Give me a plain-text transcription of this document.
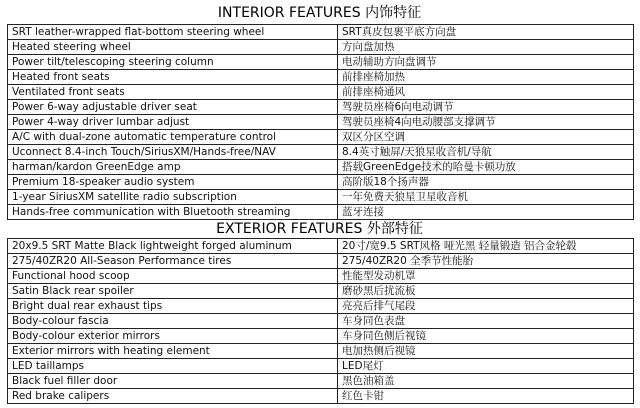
INTERIOR FEATURES 内饰特征
SRT leather-wrapped flat-bottom steering wheel	SRT真皮包裹平底方向盘
Heated steering wheel	方向盘加热
Power tilt/telescoping steering column	电动辅助方向盘调节
Heated front seats	前排座椅加热
Ventilated front seats	前排座椅通风
Power 6-way adjustable driver seat	驾驶员座椅6向电动调节
Power 4-way driver lumbar adjust	驾驶员座椅4向电动腰部支撑调节
A/C with dual-zone automatic temperature control	双区分区空调
Uconnect 8.4-inch Touch/SiriusXM/Hands-free/NAV	8.4英寸触屏/天狼星收音机/导航
harman/kardon GreenEdge amp	搭载GreenEdge技术的哈曼卡顿功放
Premium 18-speaker audio system	高阶版18个扬声器
1-year SiriusXM satellite radio subscription	一年免费天狼星卫星收音机
Hands-free communication with Bluetooth streaming	蓝牙连接
EXTERIOR FEATURES 外部特征
20x9.5 SRT Matte Black lightweight forged aluminum	20寸/宽9.5 SRT风格 哑光黑 轻量锻造 铝合金轮毂
275/40ZR20 All-Season Performance tires	275/40ZR20 全季节性能胎
Functional hood scoop	性能型发动机罩
Satin Black rear spoiler	磨砂黑后扰流板
Bright dual rear exhaust tips	亮亮后排气尾段
Body-colour fascia	车身同色表盘
Body-colour exterior mirrors	车身同色侧后视镜
Exterior mirrors with heating element	电加热侧后视镜
LED taillamps	LED尾灯
Black fuel filler door	黑色油箱盖
Red brake calipers	红色卡钳
